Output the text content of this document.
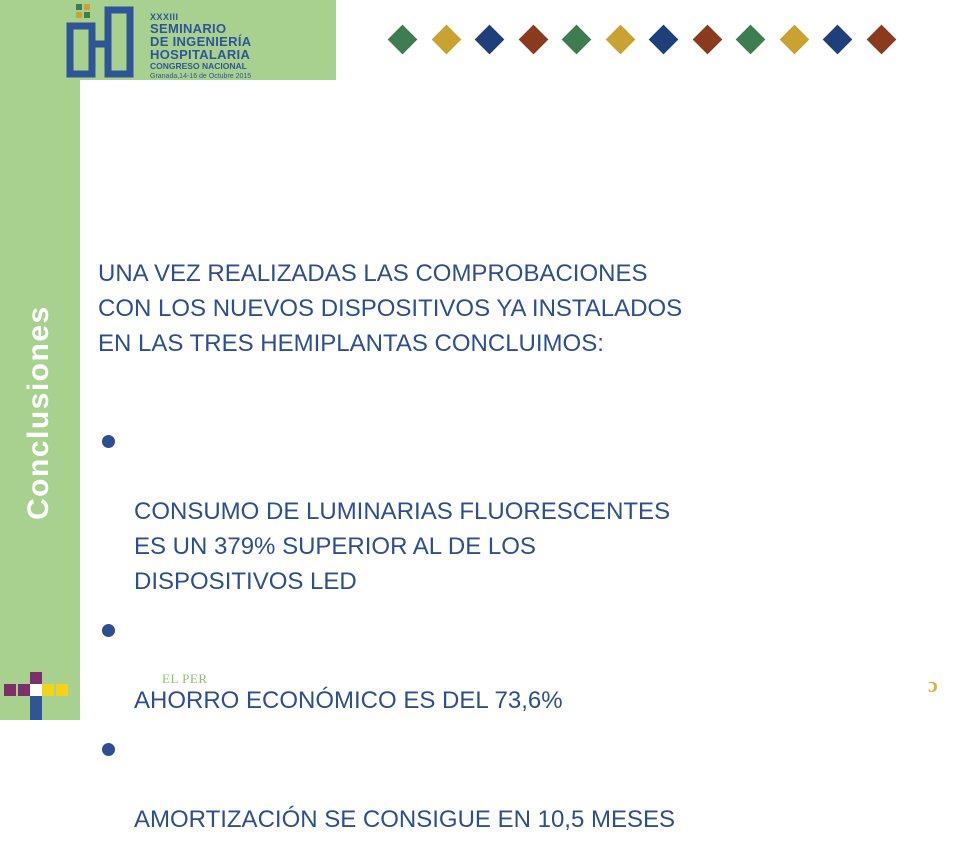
XXXIII
SEMINARIO
DE INGENIERÍA
HOSPITALARIA
CONGRESO NACIONAL
Granada,14-16 de Octubre 2015
Conclusiones
UNA VEZ REALIZADAS LAS COMPROBACIONES
CON LOS NUEVOS DISPOSITIVOS YA INSTALADOS
EN LAS TRES HEMIPLANTAS CONCLUIMOS:

CONSUMO DE LUMINARIAS FLUORESCENTES
ES UN 379% SUPERIOR AL DE LOS
DISPOSITIVOS LED

AHORRO ECONÓMICO ES DEL 73,6%

AMORTIZACIÓN SE CONSIGUE EN 10,5 MESES

EL PER	ɔ
